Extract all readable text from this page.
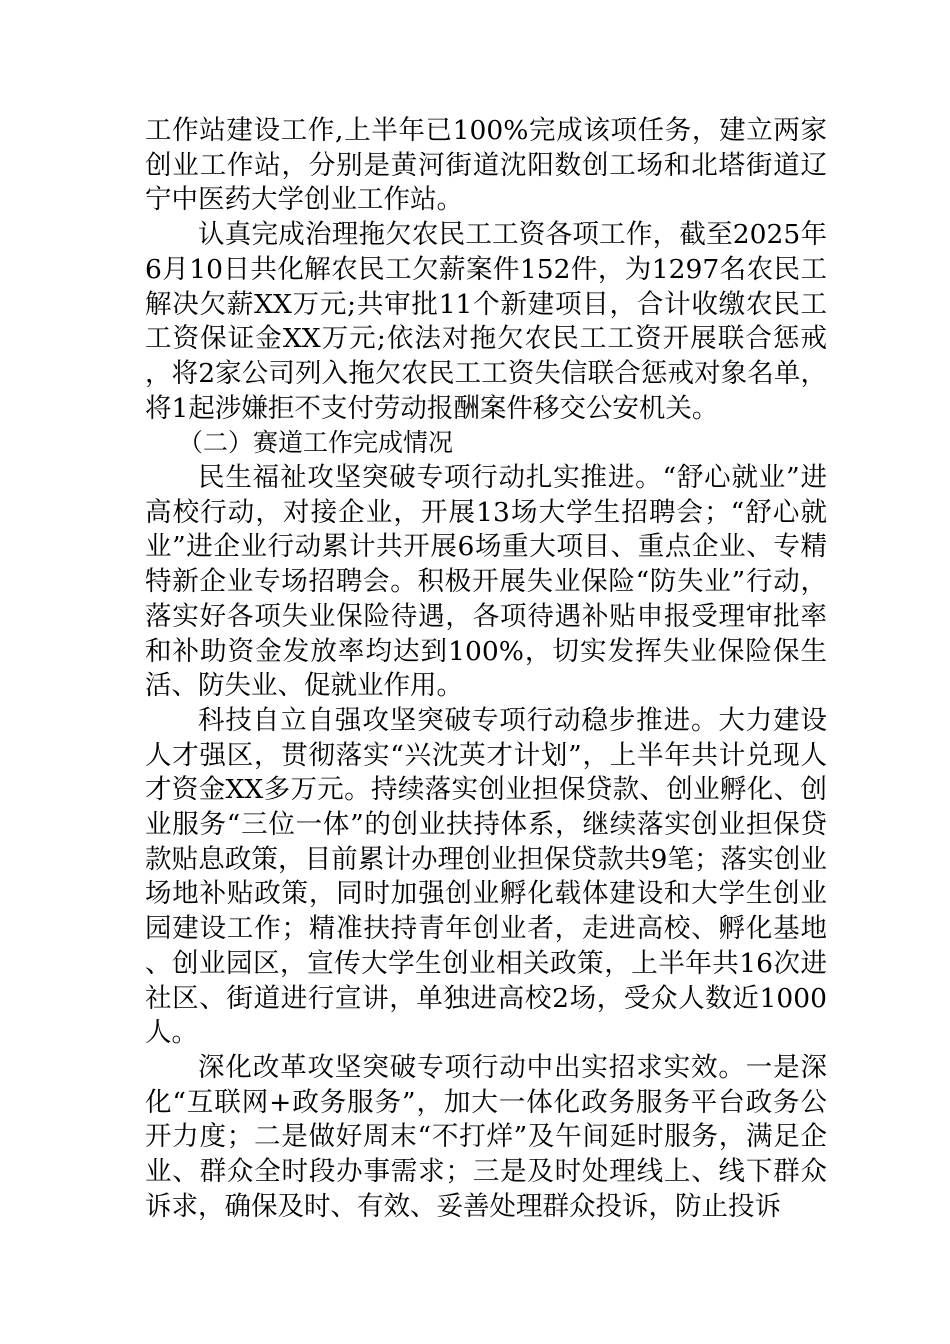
工作站建设工作,上半年已100%完成该项任务，建立两家创业工作站，分别是黄河街道沈阳数创工场和北塔街道辽宁中医药大学创业工作站。

认真完成治理拖欠农民工工资各项工作，截至2025年6月10日共化解农民工欠薪案件152件，为1297名农民工解决欠薪XX万元;共审批11个新建项目，合计收缴农民工工资保证金XX万元;依法对拖欠农民工工资开展联合惩戒，将2家公司列入拖欠农民工工资失信联合惩戒对象名单，将1起涉嫌拒不支付劳动报酬案件移交公安机关。

（二）赛道工作完成情况

民生福祉攻坚突破专项行动扎实推进。“舒心就业”进高校行动，对接企业，开展13场大学生招聘会；“舒心就业”进企业行动累计共开展6场重大项目、重点企业、专精特新企业专场招聘会。积极开展失业保险“防失业”行动，落实好各项失业保险待遇，各项待遇补贴申报受理审批率和补助资金发放率均达到100%，切实发挥失业保险保生活、防失业、促就业作用。

科技自立自强攻坚突破专项行动稳步推进。大力建设人才强区，贯彻落实“兴沈英才计划”，上半年共计兑现人才资金XX多万元。持续落实创业担保贷款、创业孵化、创业服务“三位一体”的创业扶持体系，继续落实创业担保贷款贴息政策，目前累计办理创业担保贷款共9笔；落实创业场地补贴政策，同时加强创业孵化载体建设和大学生创业园建设工作；精准扶持青年创业者，走进高校、孵化基地、创业园区，宣传大学生创业相关政策，上半年共16次进社区、街道进行宣讲，单独进高校2场，受众人数近1000人。

深化改革攻坚突破专项行动中出实招求实效。一是深化“互联网+政务服务”，加大一体化政务服务平台政务公开力度；二是做好周末“不打烊”及午间延时服务，满足企业、群众全时段办事需求；三是及时处理线上、线下群众诉求，确保及时、有效、妥善处理群众投诉，防止投诉
